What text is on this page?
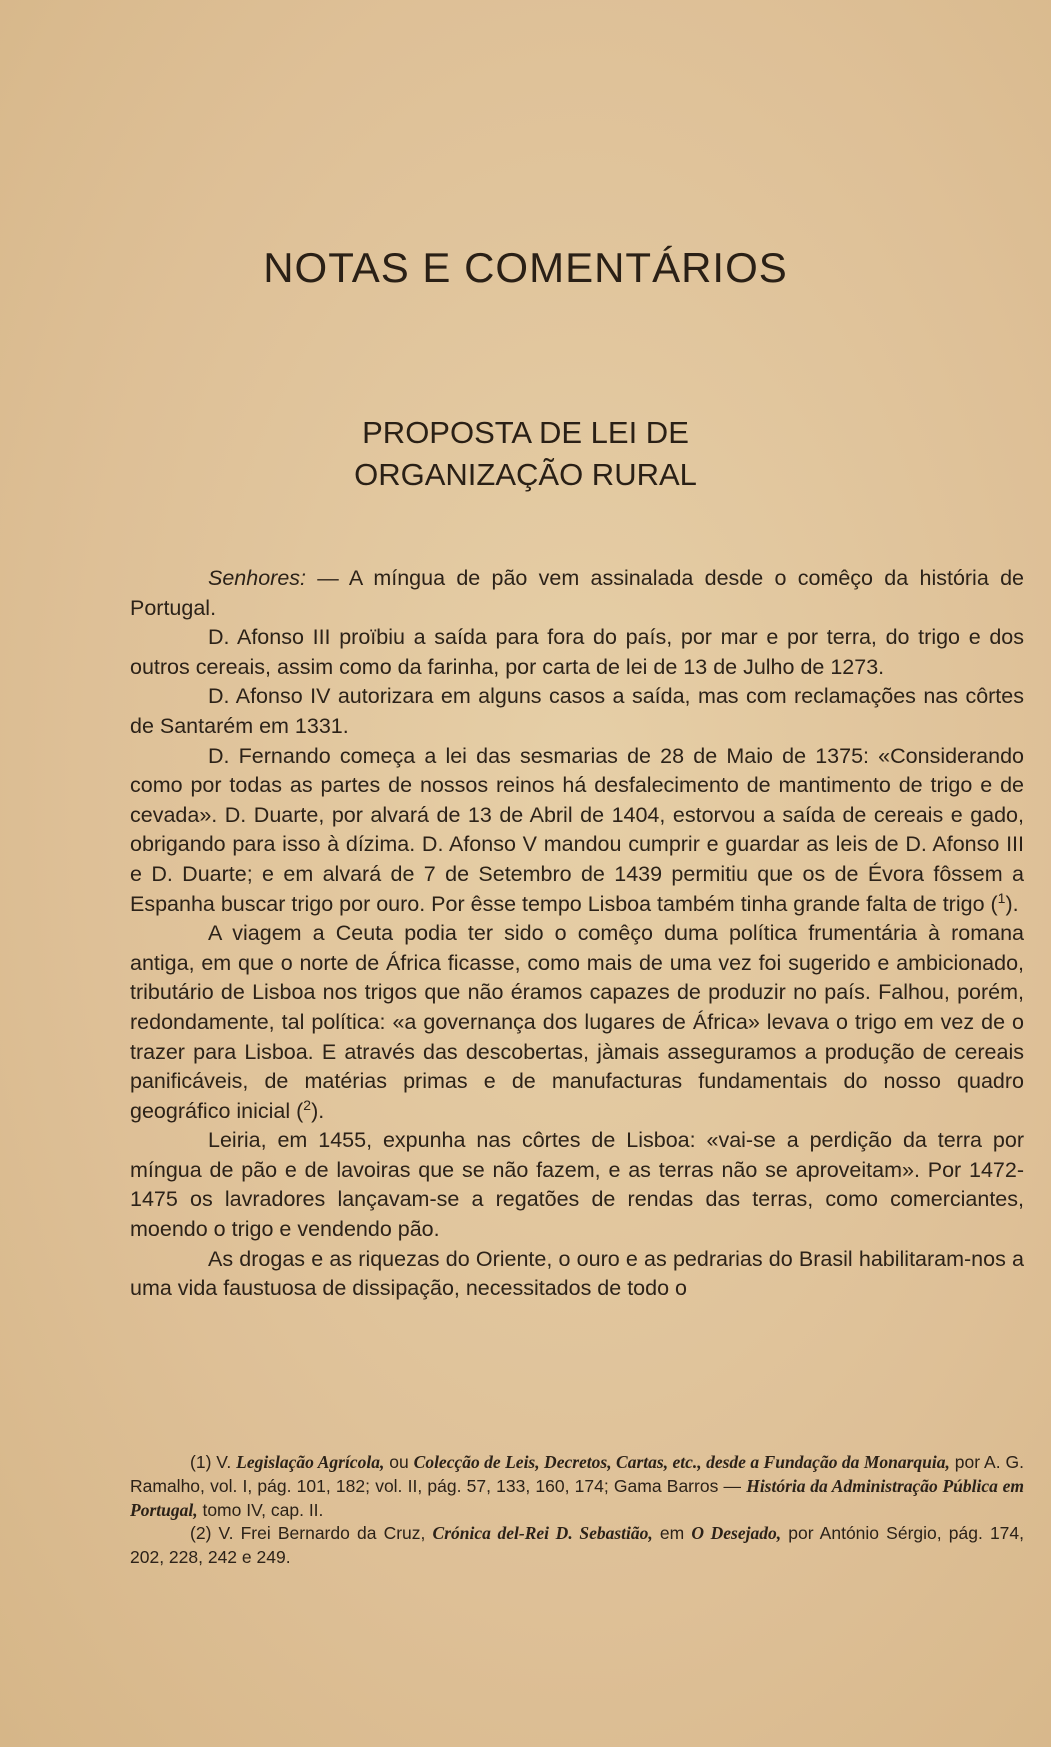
NOTAS E COMENTÁRIOS
PROPOSTA DE LEI DE
ORGANIZAÇÃO RURAL

Senhores: — A míngua de pão vem assinalada desde o comêço da história de Portugal.

D. Afonso III proïbiu a saída para fora do país, por mar e por terra, do trigo e dos outros cereais, assim como da farinha, por carta de lei de 13 de Julho de 1273.

D. Afonso IV autorizara em alguns casos a saída, mas com reclamações nas côrtes de Santarém em 1331.

D. Fernando começa a lei das sesmarias de 28 de Maio de 1375: «Considerando como por todas as partes de nossos reinos há desfalecimento de mantimento de trigo e de cevada». D. Duarte, por alvará de 13 de Abril de 1404, estorvou a saída de cereais e gado, obrigando para isso à dízima. D. Afonso V mandou cumprir e guardar as leis de D. Afonso III e D. Duarte; e em alvará de 7 de Setembro de 1439 permitiu que os de Évora fôssem a Espanha buscar trigo por ouro. Por êsse tempo Lisboa também tinha grande falta de trigo ($^1$).

A viagem a Ceuta podia ter sido o comêço duma política frumentária à romana antiga, em que o norte de África ficasse, como mais de uma vez foi sugerido e ambicionado, tributário de Lisboa nos trigos que não éramos capazes de produzir no país. Falhou, porém, redondamente, tal política: «a governança dos lugares de África» levava o trigo em vez de o trazer para Lisboa. E através das descobertas, jàmais asseguramos a produção de cereais panificáveis, de matérias primas e de manufacturas fundamentais do nosso quadro geográfico inicial ($^2$).

Leiria, em 1455, expunha nas côrtes de Lisboa: «vai-se a perdição da terra por míngua de pão e de lavoiras que se não fazem, e as terras não se aproveitam». Por 1472-1475 os lavradores lançavam-se a regatões de rendas das terras, como comerciantes, moendo o trigo e vendendo pão.

As drogas e as riquezas do Oriente, o ouro e as pedrarias do Brasil habilitaram-nos a uma vida faustuosa de dissipação, necessitados de todo o

(1) V. Legislação Agrícola, ou Colecção de Leis, Decretos, Cartas, etc., desde a Fundação da Monarquia, por A. G. Ramalho, vol. I, pág. 101, 182; vol. II, pág. 57, 133, 160, 174; Gama Barros — História da Administração Pública em Portugal, tomo IV, cap. II.

(2) V. Frei Bernardo da Cruz, Crónica del-Rei D. Sebastião, em O Desejado, por António Sérgio, pág. 174, 202, 228, 242 e 249.
